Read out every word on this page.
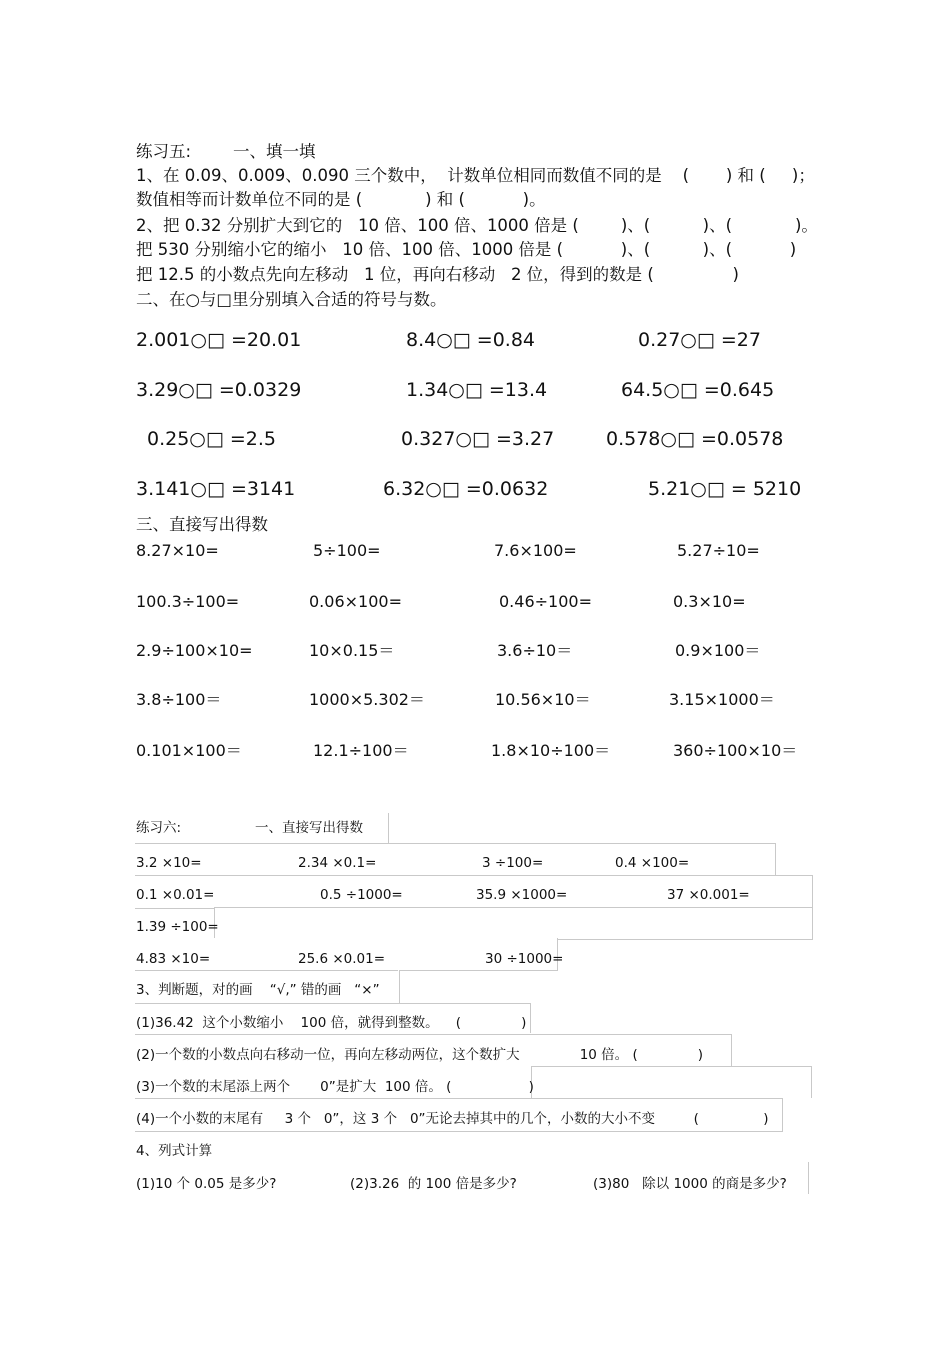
练习五:        一、填一填
1、在 0.09、0.009、0.090 三个数中，  计数单位相同而数值不同的是    (       ) 和 (     )；
数值相等而计数单位不同的是 (            ) 和 (           )。
2、把 0.32 分别扩大到它的   10 倍、100 倍、1000 倍是 (        )、(          )、(            )。
把 530 分别缩小它的缩小   10 倍、100 倍、1000 倍是 (           )、(          )、(           )
把 12.5 的小数点先向左移动   1 位，再向右移动   2 位，得到的数是 (               )
二、在○与□里分别填入合适的符号与数。
2.001○□ =20.01	8.4○□ =0.84	0.27○□ =27
3.29○□ =0.0329	1.34○□ =13.4	64.5○□ =0.645
0.25○□ =2.5	0.327○□ =3.27	0.578○□ =0.0578
3.141○□ =3141	6.32○□ =0.0632	5.21○□ = 5210
三、直接写出得数
8.27×10=	5÷100=	7.6×100=	5.27÷10=
100.3÷100=	0.06×100=	0.46÷100=	0.3×10=
2.9÷100×10=	10×0.15＝	3.6÷10＝	0.9×100＝
3.8÷100＝	1000×5.302＝	10.56×10＝	3.15×1000＝
0.101×100＝	12.1÷100＝	1.8×10÷100＝	360÷100×10＝
练习六:	一、直接写出得数
3.2 ×10=	2.34 ×0.1=	3 ÷100=	0.4 ×100=
0.1 ×0.01=	0.5 ÷1000=	35.9 ×1000=	37 ×0.001=
1.39 ÷100=
4.83 ×10=	25.6 ×0.01=	30 ÷1000=
3、判断题，对的画    “√,” 错的画   “×”
(1)36.42  这个小数缩小    100 倍，就得到整数。    (              )
(2)一个数的小数点向右移动一位，再向左移动两位，这个数扩大              10 倍。 (              )
(3)一个数的末尾添上两个       0”是扩大  100 倍。 (                  )
(4)一个小数的末尾有     3 个   0”，这 3 个   0”无论去掉其中的几个，小数的大小不变         (               )
4、列式计算
(1)10 个 0.05 是多少?	(2)3.26  的 100 倍是多少?	(3)80   除以 1000 的商是多少?
